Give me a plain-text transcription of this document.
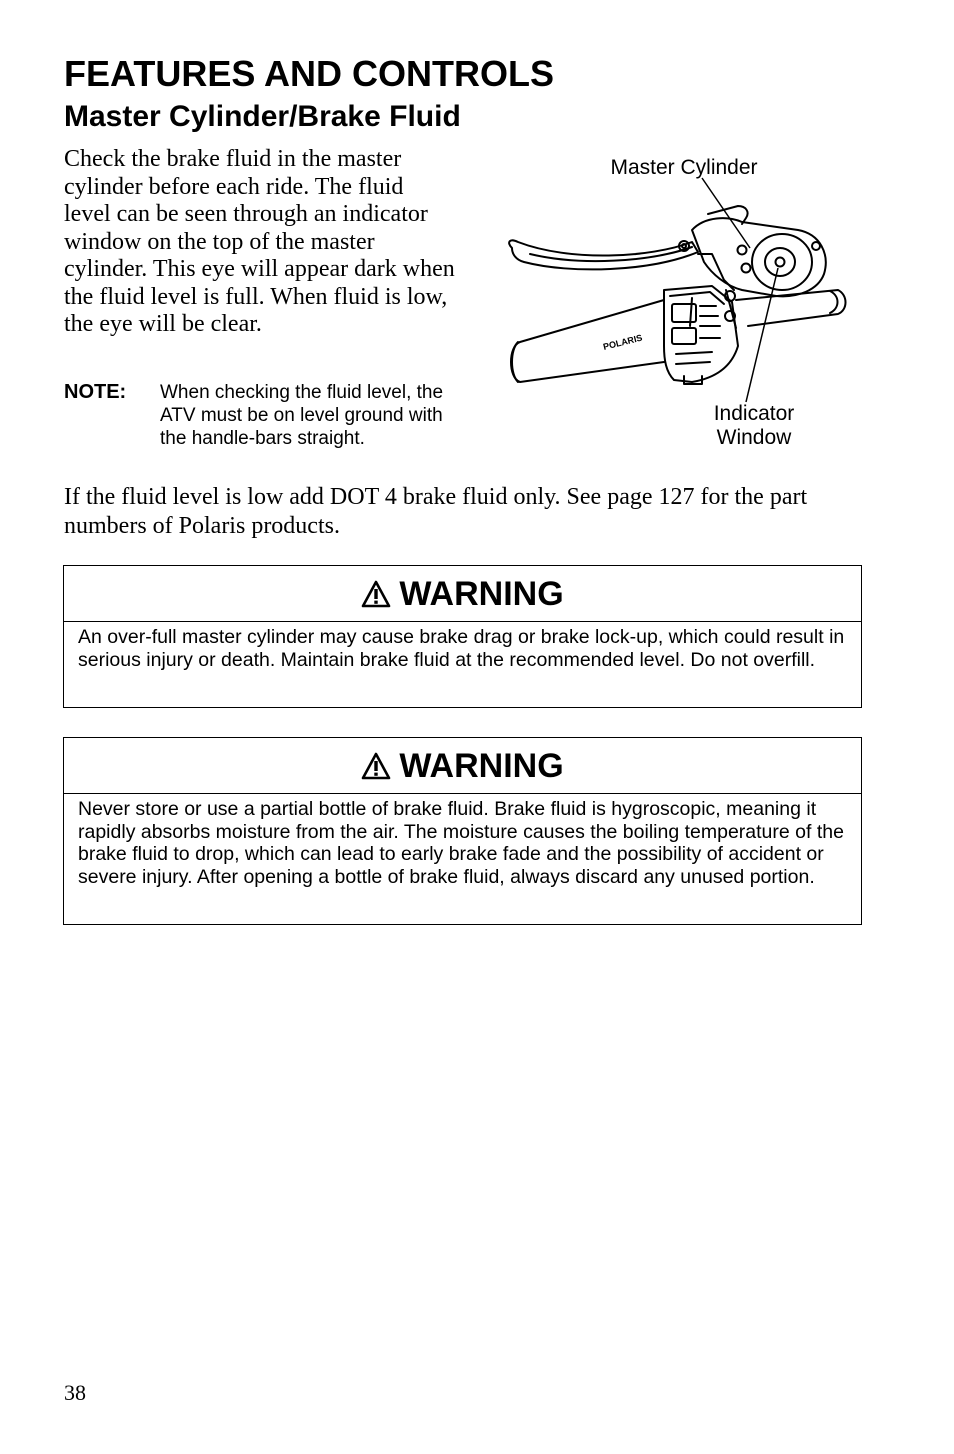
FEATURES AND CONTROLS
Master Cylinder/Brake Fluid

Check the brake fluid in the master cylinder before each ride. The fluid level can be seen through an indicator window on the top of the master cylinder. This eye will appear dark when the fluid level is full. When fluid is low, the eye will be clear.

NOTE: When checking the fluid level, the ATV must be on level ground with the handle-bars straight.

POLARIS
Master Cylinder
Indicator
Window

If the fluid level is low add DOT 4 brake fluid only. See page 127 for the part numbers of Polaris products.

WARNING

An over-full master cylinder may cause brake drag or brake lock-up, which could result in serious injury or death. Maintain brake fluid at the recommended level. Do not overfill.

WARNING

Never store or use a partial bottle of brake fluid. Brake fluid is hygroscopic, meaning it rapidly absorbs moisture from the air. The moisture causes the boiling temperature of the brake fluid to drop, which can lead to early brake fade and the possibility of accident or severe injury. After opening a bottle of brake fluid, always discard any unused portion.

38
